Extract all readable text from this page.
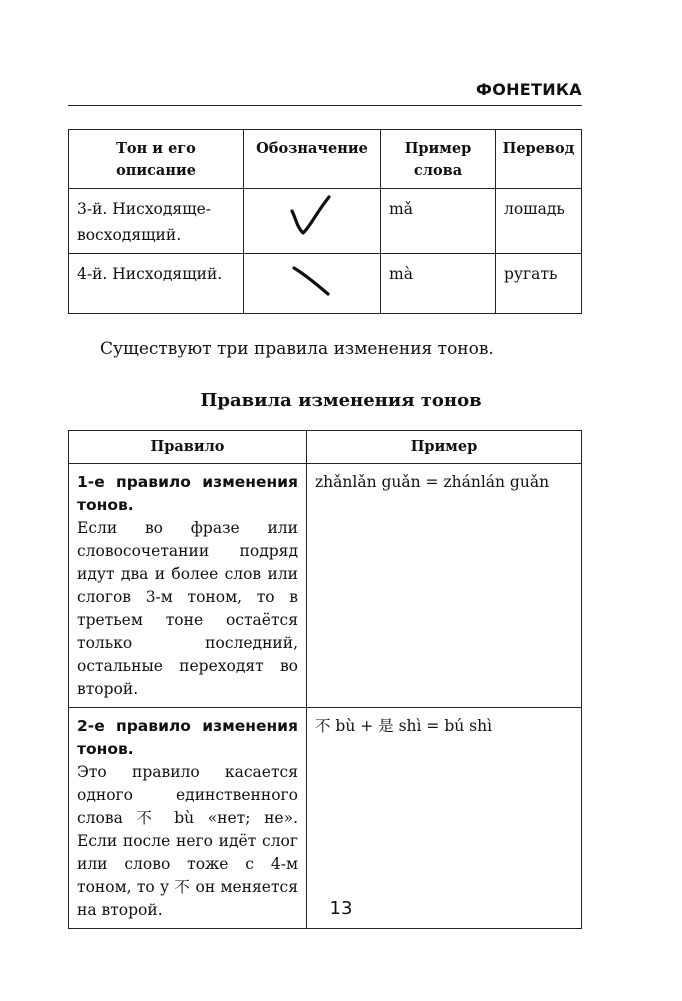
ФОНЕТИКА
Тон и его описание	Обозначение	Пример слова	Перевод
3-й. Нисходяще-восходящий.		mǎ	лошадь
4-й. Нисходящий.		mà	ругать
Существуют три правила изменения тонов.
Правила изменения тонов
Правило	Пример

1-е правило изменения тонов.
Если во фразе или словосочетании подряд идут два и более слов или слогов 3-м тоном, то в третьем тоне остаётся только последний, остальные переходят во второй.	zhǎnlǎn guǎn = zhánlán guǎn

2-е правило изменения тонов.
Это правило касается одного единственного слова 不 bù «нет; не». Если после него идёт слог или слово тоже с 4-м тоном, то у 不 он меняется на второй.	不 bù + 是 shì = bú shì
13
